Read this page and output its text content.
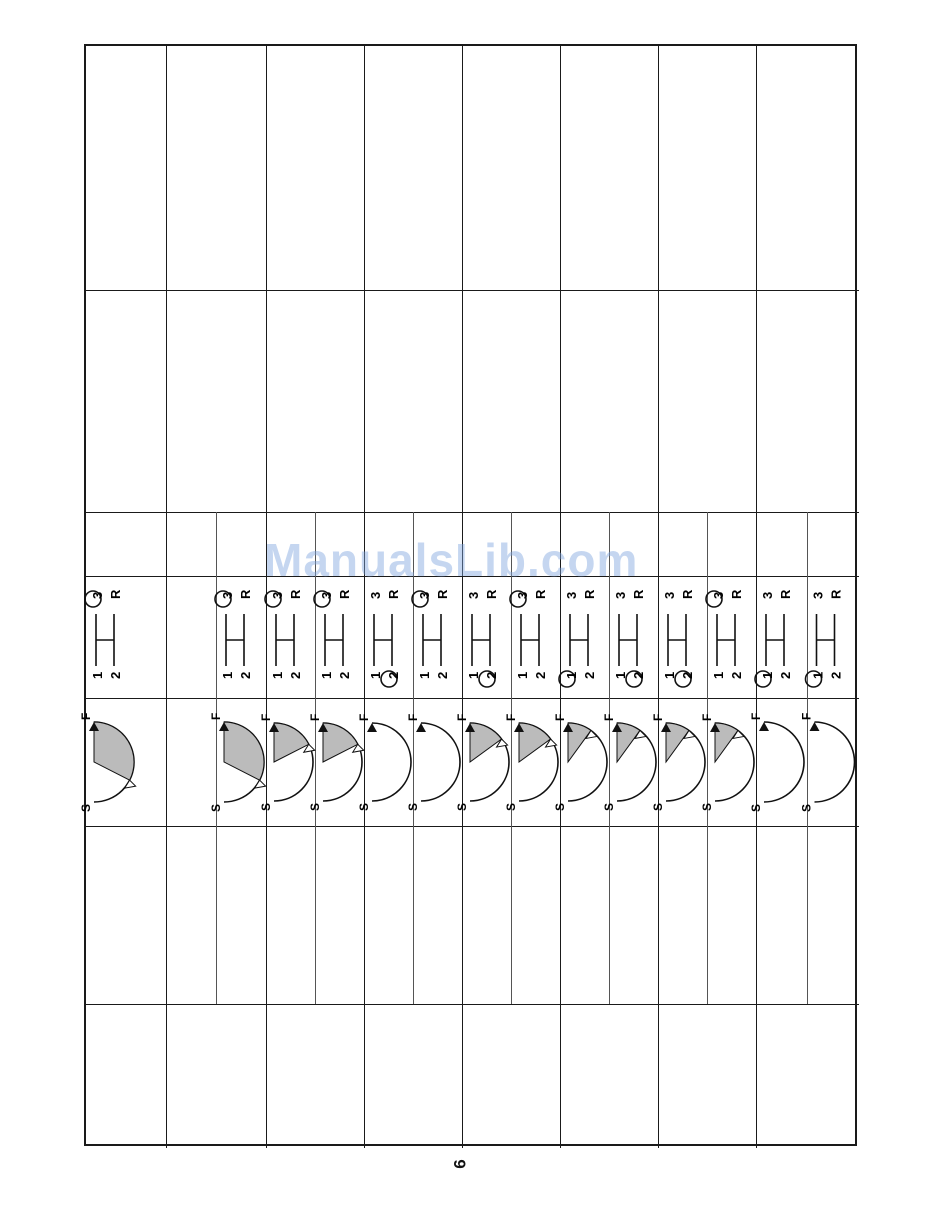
S
F
1 2
3 R
S
F
1 2
3 R
S
F
1 2
3 R
S
F
1 2
3 R
S
F
1 2
3 R
S
F
1 2
3 R
S
F
1 2
3 R
S
F
1 2
3 R
S
F
1 2
3 R
S
F
1 2
3 R
S
F
1 2
3 R
S
F
1 2
3 R
S
F
1 2
3 R
S
F
1 2
3 R
ManualsLib.com
6
